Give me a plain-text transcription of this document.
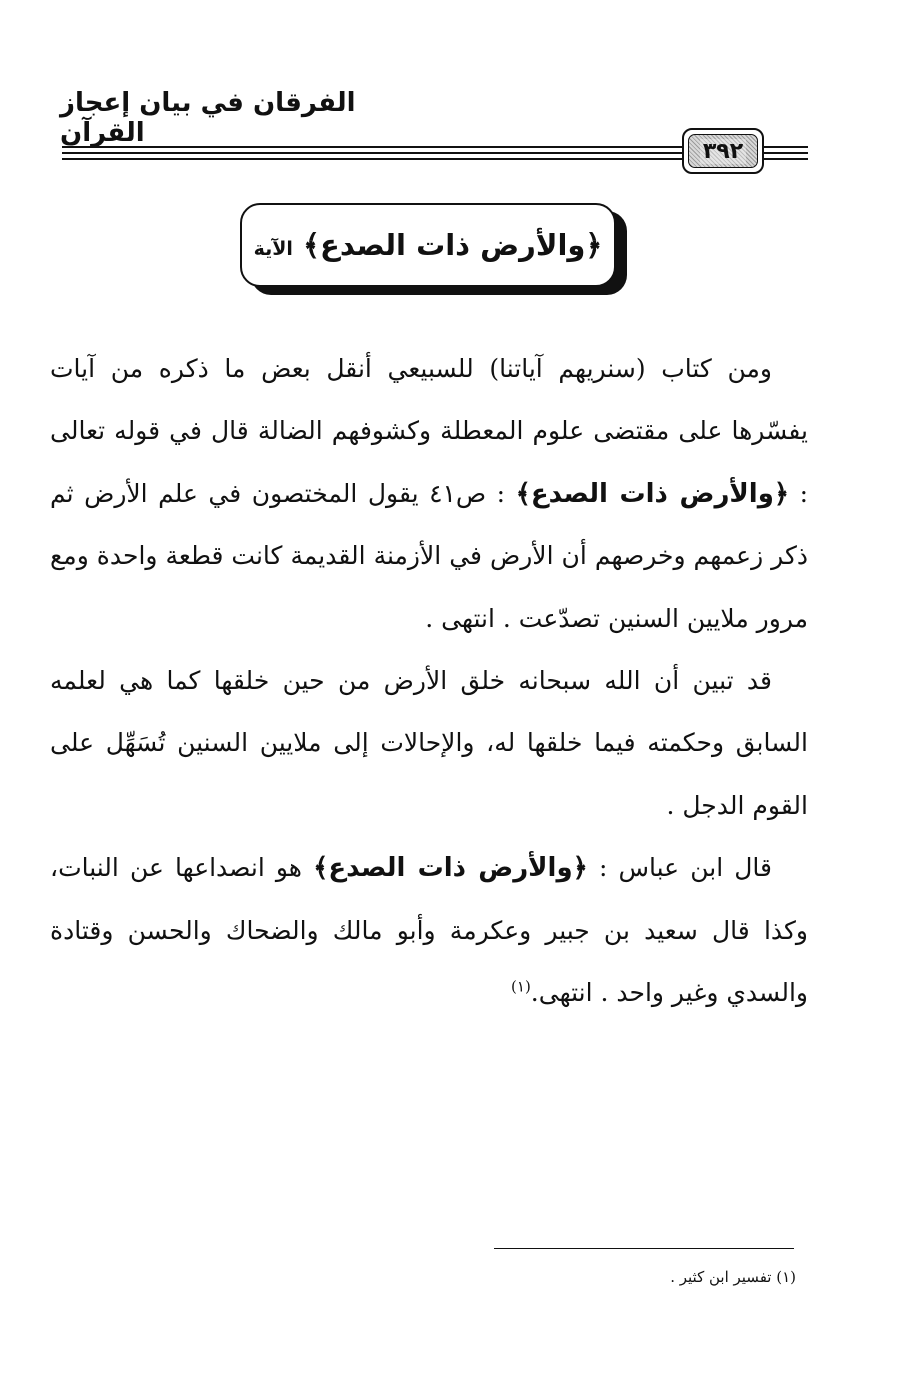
الفرقان في بيان إعجاز القرآن
٣٩٢
﴿والأرض ذات الصدع﴾ الآية

ومن كتاب (سنريهم آياتنا) للسبيعي أنقل بعض ما ذكره من آيات يفسّرها على مقتضى علوم المعطلة وكشوفهم الضالة قال في قوله تعالى : ﴿والأرض ذات الصدع﴾ : ص٤١ يقول المختصون في علم الأرض ثم ذكر زعمهم وخرصهم أن الأرض في الأزمنة القديمة كانت قطعة واحدة ومع مرور ملايين السنين تصدّعت . انتهى .

قد تبين أن الله سبحانه خلق الأرض من حين خلقها كما هي لعلمه السابق وحكمته فيما خلقها له، والإحالات إلى ملايين السنين تُسَهِّل على القوم الدجل .

قال ابن عباس : ﴿والأرض ذات الصدع﴾ هو انصداعها عن النبات، وكذا قال سعيد بن جبير وعكرمة وأبو مالك والضحاك والحسن وقتادة والسدي وغير واحد . انتهى.$^{(١)}$

(١) تفسير ابن كثير .
